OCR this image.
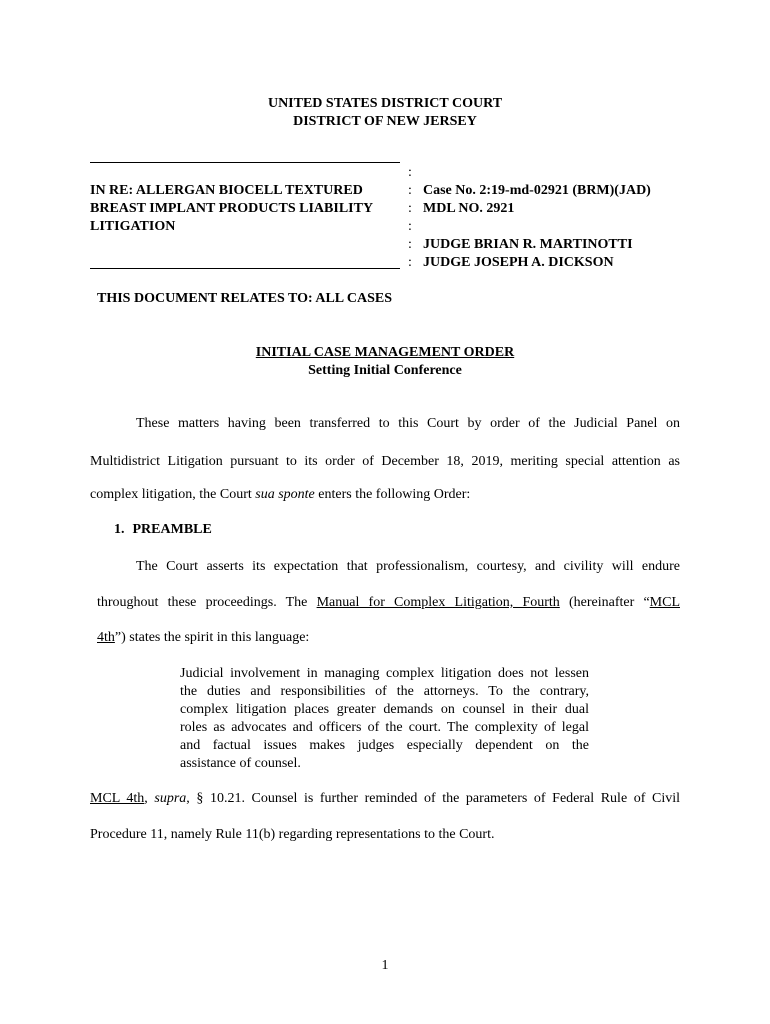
UNITED STATES DISTRICT COURT
DISTRICT OF NEW JERSEY
:
IN RE: ALLERGAN BIOCELL TEXTURED	: Case No. 2:19-md-02921 (BRM)(JAD)
BREAST IMPLANT PRODUCTS LIABILITY	: MDL NO. 2921
LITIGATION	:
: JUDGE BRIAN R. MARTINOTTI
: JUDGE JOSEPH A. DICKSON
THIS DOCUMENT RELATES TO: ALL CASES
INITIAL CASE MANAGEMENT ORDER
Setting Initial Conference
These matters having been transferred to this Court by order of the Judicial Panel on
Multidistrict Litigation pursuant to its order of December 18, 2019, meriting special attention as
complex litigation, the Court sua sponte enters the following Order:
1. PREAMBLE
The Court asserts its expectation that professionalism, courtesy, and civility will endure
throughout these proceedings. The Manual for Complex Litigation, Fourth (hereinafter “MCL
4th”) states the spirit in this language:
Judicial involvement in managing complex litigation does not lessen
the duties and responsibilities of the attorneys. To the contrary,
complex litigation places greater demands on counsel in their dual
roles as advocates and officers of the court. The complexity of legal
and factual issues makes judges especially dependent on the
assistance of counsel.
MCL 4th, supra, § 10.21. Counsel is further reminded of the parameters of Federal Rule of Civil
Procedure 11, namely Rule 11(b) regarding representations to the Court.
1
